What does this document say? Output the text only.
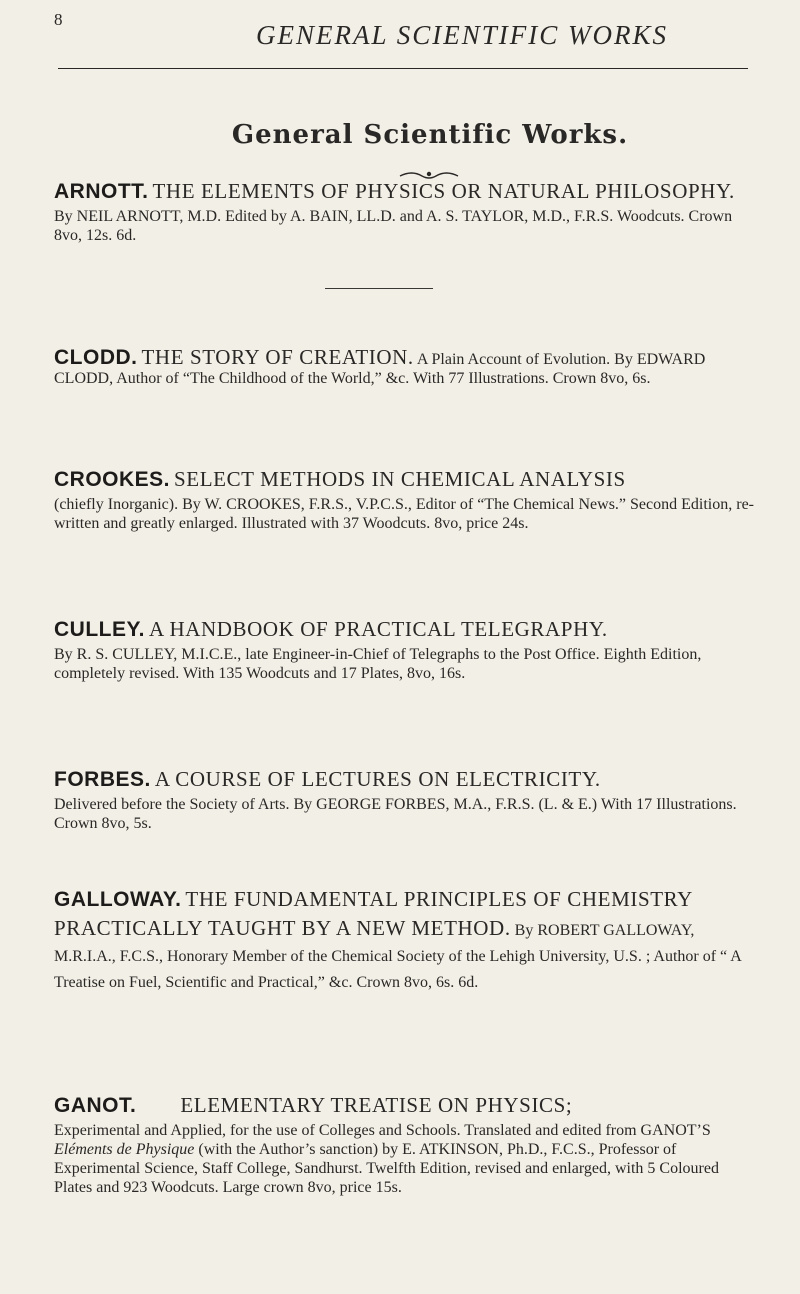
8
GENERAL SCIENTIFIC WORKS
General Scientific Works.
ARNOTT. THE ELEMENTS OF PHYSICS OR NATURAL PHILOSOPHY.
By NEIL ARNOTT, M.D. Edited by A. BAIN, LL.D. and A. S. TAYLOR, M.D., F.R.S. Woodcuts. Crown 8vo, 12s. 6d.
CLODD. THE STORY OF CREATION. A Plain Account of Evolution. By EDWARD CLODD, Author of “The Childhood of the World,” &c. With 77 Illustrations. Crown 8vo, 6s.
CROOKES. SELECT METHODS IN CHEMICAL ANALYSIS
(chiefly Inorganic). By W. CROOKES, F.R.S., V.P.C.S., Editor of “The Chemical News.” Second Edition, re-written and greatly enlarged. Illustrated with 37 Woodcuts. 8vo, price 24s.
CULLEY. A HANDBOOK OF PRACTICAL TELEGRAPHY.
By R. S. CULLEY, M.I.C.E., late Engineer-in-Chief of Telegraphs to the Post Office. Eighth Edition, completely revised. With 135 Woodcuts and 17 Plates, 8vo, 16s.
FORBES. A COURSE OF LECTURES ON ELECTRICITY.
Delivered before the Society of Arts. By GEORGE FORBES, M.A., F.R.S. (L. & E.) With 17 Illustrations. Crown 8vo, 5s.
GALLOWAY. THE FUNDAMENTAL PRINCIPLES OF CHEMISTRY PRACTICALLY TAUGHT BY A NEW METHOD. By ROBERT GALLOWAY, M.R.I.A., F.C.S., Honorary Member of the Chemical Society of the Lehigh University, U.S. ; Author of “ A Treatise on Fuel, Scientific and Practical,” &c. Crown 8vo, 6s. 6d.
GANOT. ELEMENTARY TREATISE ON PHYSICS;
Experimental and Applied, for the use of Colleges and Schools. Translated and edited from GANOT’S Eléments de Physique (with the Author’s sanction) by E. ATKINSON, Ph.D., F.C.S., Professor of Experimental Science, Staff College, Sandhurst. Twelfth Edition, revised and enlarged, with 5 Coloured Plates and 923 Woodcuts. Large crown 8vo, price 15s.
